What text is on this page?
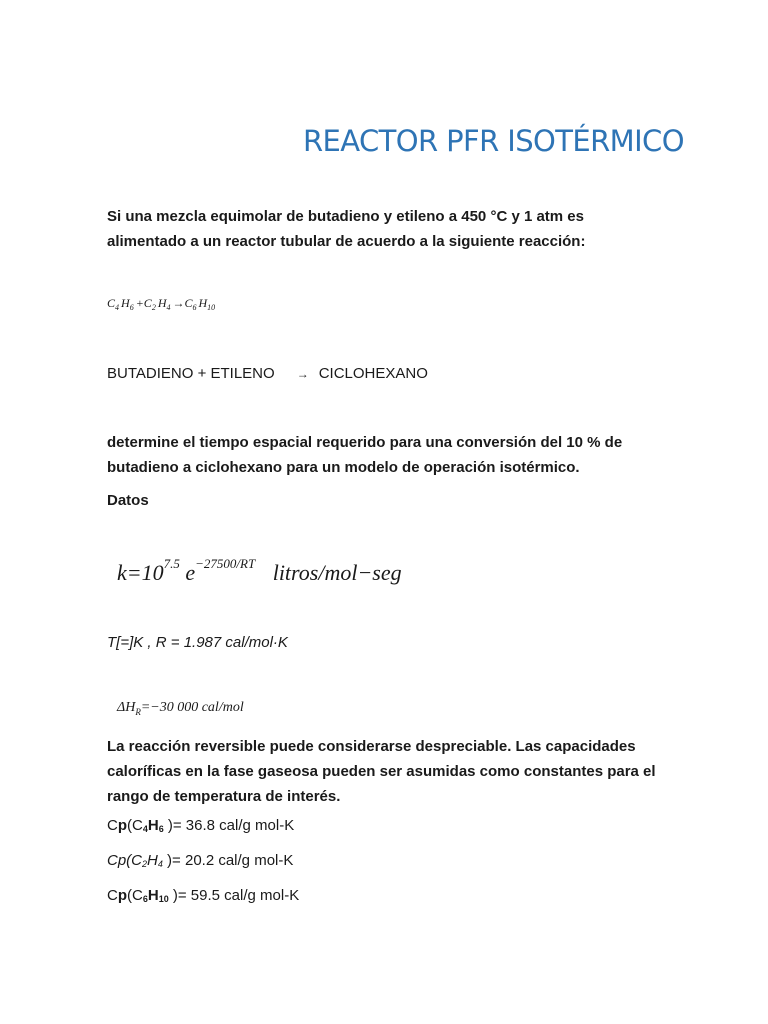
REACTOR PFR ISOTÉRMICO
Si una mezcla equimolar de butadieno y etileno a 450 °C y 1 atm es
alimentado a un reactor tubular de acuerdo a la siguiente reacción:
$C_4$ $H_6 +C_2$ $H_4 \to C_6$ $H_{10}$
BUTADIENO + ETILENO → CICLOHEXANO
determine el tiempo espacial requerido para una conversión del 10 % de
butadieno a ciclohexano para un modelo de operación isotérmico.
Datos
$k=10^{7.5}$ $e^{-27500/RT}$ litros/mol−seg
T[=]K , R = 1.987 cal/mol·K
$\Delta H_R=-30$ 000 cal/mol
La reacción reversible puede considerarse despreciable. Las capacidades
caloríficas en la fase gaseosa pueden ser asumidas como constantes para el
rango de temperatura de interés.
$Cp(C_4H_6$ )= 36.8 cal/g mol-K
$Cp(C_2H_4$ )= 20.2 cal/g mol-K
$Cp(C_6H_{10}$ )= 59.5 cal/g mol-K
